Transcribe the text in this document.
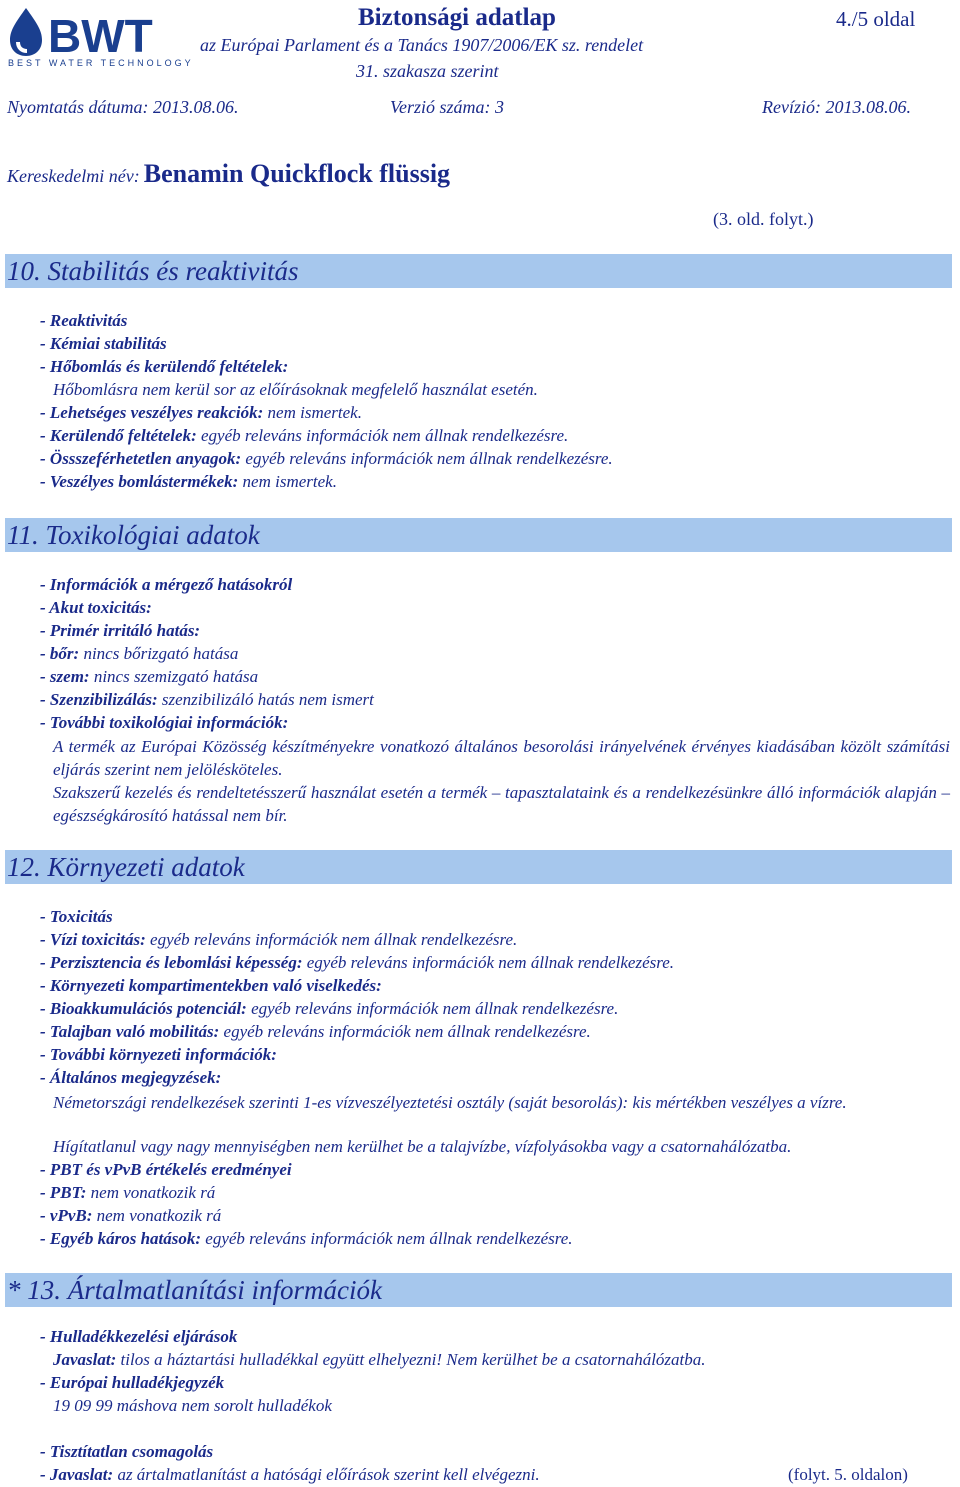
BWT
BEST WATER TECHNOLOGY
Biztonsági adatlap	4./5 oldal
az Európai Parlament és a Tanács 1907/2006/EK sz. rendelet
31. szakasza szerint
Nyomtatás dátuma: 2013.08.06.	Verzió száma: 3	Revízió: 2013.08.06.
Kereskedelmi név: Benamin Quickflock flüssig
(3. old. folyt.)
10. Stabilitás és reaktivitás
- Reaktivitás
- Kémiai stabilitás
- Hőbomlás és kerülendő feltételek:
Hőbomlásra nem kerül sor az előírásoknak megfelelő használat esetén.
- Lehetséges veszélyes reakciók: nem ismertek.
- Kerülendő feltételek: egyéb releváns információk nem állnak rendelkezésre.
- Össszeférhetetlen anyagok: egyéb releváns információk nem állnak rendelkezésre.
- Veszélyes bomlástermékek: nem ismertek.
11. Toxikológiai adatok
- Információk a mérgező hatásokról
- Akut toxicitás:
- Primér irritáló hatás:
- bőr: nincs bőrizgató hatása
- szem: nincs szemizgató hatása
- Szenzibilizálás: szenzibilizáló hatás nem ismert
- További toxikológiai információk:
A termék az Európai Közösség készítményekre vonatkozó általános besorolási irányelvének érvényes kiadásában közölt számítási eljárás szerint nem jelölésköteles.
Szakszerű kezelés és rendeltetésszerű használat esetén a termék – tapasztalataink és a rendelkezésünkre álló információk alapján – egészségkárosító hatással nem bír.
12. Környezeti adatok
- Toxicitás
- Vízi toxicitás: egyéb releváns információk nem állnak rendelkezésre.
- Perzisztencia és lebomlási képesség: egyéb releváns információk nem állnak rendelkezésre.
- Környezeti kompartimentekben való viselkedés:
- Bioakkumulációs potenciál: egyéb releváns információk nem állnak rendelkezésre.
- Talajban való mobilitás: egyéb releváns információk nem állnak rendelkezésre.
- További környezeti információk:
- Általános megjegyzések:
Németországi rendelkezések szerinti 1-es vízveszélyeztetési osztály (saját besorolás): kis mértékben veszélyes a vízre.
Hígítatlanul vagy nagy mennyiségben nem kerülhet be a talajvízbe, vízfolyásokba vagy a csatornahálózatba.
- PBT és vPvB értékelés eredményei
- PBT: nem vonatkozik rá
- vPvB: nem vonatkozik rá
- Egyéb káros hatások: egyéb releváns információk nem állnak rendelkezésre.
* 13. Ártalmatlanítási információk
- Hulladékkezelési eljárások
Javaslat: tilos a háztartási hulladékkal együtt elhelyezni! Nem kerülhet be a csatornahálózatba.
- Európai hulladékjegyzék
19 09 99 máshova nem sorolt hulladékok
- Tisztítatlan csomagolás
- Javaslat: az ártalmatlanítást a hatósági előírások szerint kell elvégezni.	(folyt. 5. oldalon)
